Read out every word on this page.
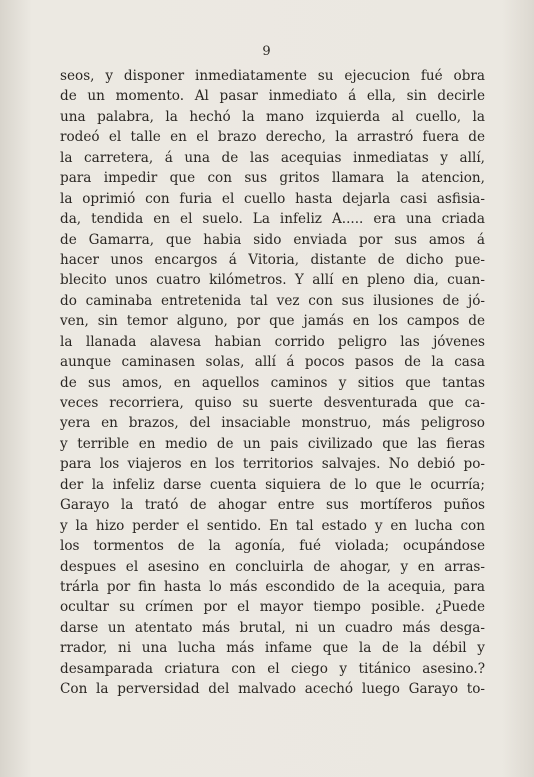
9
seos, y disponer inmediatamente su ejecucion fué obra
de un momento. Al pasar inmediato á ella, sin decirle
una palabra, la hechó la mano izquierda al cuello, la
rodeó el talle en el brazo derecho, la arrastró fuera de
la carretera, á una de las acequias inmediatas y allí,
para impedir que con sus gritos llamara la atencion,
la oprimió con furia el cuello hasta dejarla casi asfisia-
da, tendida en el suelo. La infeliz A..... era una criada
de Gamarra, que habia sido enviada por sus amos á
hacer unos encargos á Vitoria, distante de dicho pue-
blecito unos cuatro kilómetros. Y allí en pleno dia, cuan-
do caminaba entretenida tal vez con sus ilusiones de jó-
ven, sin temor alguno, por que jamás en los campos de
la llanada alavesa habian corrido peligro las jóvenes
aunque caminasen solas, allí á pocos pasos de la casa
de sus amos, en aquellos caminos y sitios que tantas
veces recorriera, quiso su suerte desventurada que ca-
yera en brazos, del insaciable monstruo, más peligroso
y terrible en medio de un pais civilizado que las fieras
para los viajeros en los territorios salvajes. No debió po-
der la infeliz darse cuenta siquiera de lo que le ocurría;
Garayo la trató de ahogar entre sus mortíferos puños
y la hizo perder el sentido. En tal estado y en lucha con
los tormentos de la agonía, fué violada; ocupándose
despues el asesino en concluirla de ahogar, y en arras-
trárla por fin hasta lo más escondido de la acequia, para
ocultar su crímen por el mayor tiempo posible. ¿Puede
darse un atentato más brutal, ni un cuadro más desga-
rrador, ni una lucha más infame que la de la débil y
desamparada criatura con el ciego y titánico asesino.?
Con la perversidad del malvado acechó luego Garayo to-
